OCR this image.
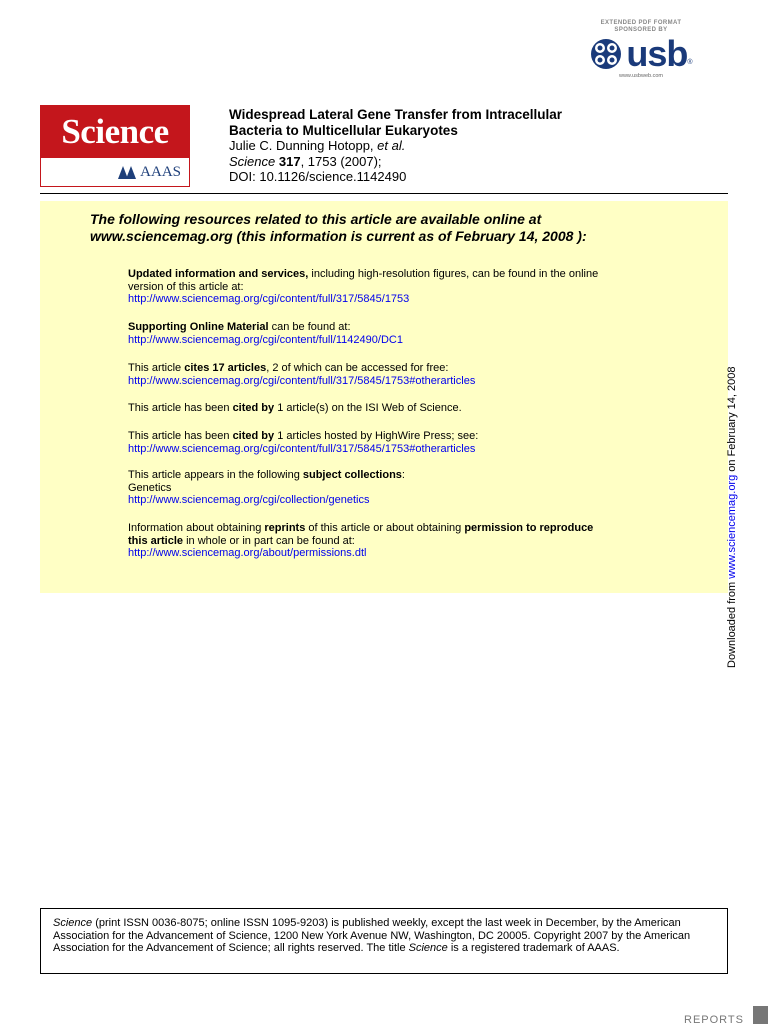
EXTENDED PDF FORMAT
SPONSORED BY
usb ®
www.usbweb.com
Science
AAAS
Widespread Lateral Gene Transfer from Intracellular
Bacteria to Multicellular Eukaryotes
Julie C. Dunning Hotopp, et al.
Science 317, 1753 (2007);
DOI: 10.1126/science.1142490
The following resources related to this article are available online at
www.sciencemag.org (this information is current as of February 14, 2008 ):
Updated information and services, including high-resolution figures, can be found in the online
version of this article at:
http://www.sciencemag.org/cgi/content/full/317/5845/1753
Supporting Online Material can be found at:
http://www.sciencemag.org/cgi/content/full/1142490/DC1
This article cites 17 articles, 2 of which can be accessed for free:
http://www.sciencemag.org/cgi/content/full/317/5845/1753#otherarticles
This article has been cited by 1 article(s) on the ISI Web of Science.
This article has been cited by 1 articles hosted by HighWire Press; see:
http://www.sciencemag.org/cgi/content/full/317/5845/1753#otherarticles
This article appears in the following subject collections:
Genetics
http://www.sciencemag.org/cgi/collection/genetics
Information about obtaining reprints of this article or about obtaining permission to reproduce
this article in whole or in part can be found at:
http://www.sciencemag.org/about/permissions.dtl
Downloaded from www.sciencemag.org on February 14, 2008
Science (print ISSN 0036-8075; online ISSN 1095-9203) is published weekly, except the last week in December, by the American Association for the Advancement of Science, 1200 New York Avenue NW, Washington, DC 20005. Copyright 2007 by the American Association for the Advancement of Science; all rights reserved. The title Science is a registered trademark of AAAS.
REPORTS
